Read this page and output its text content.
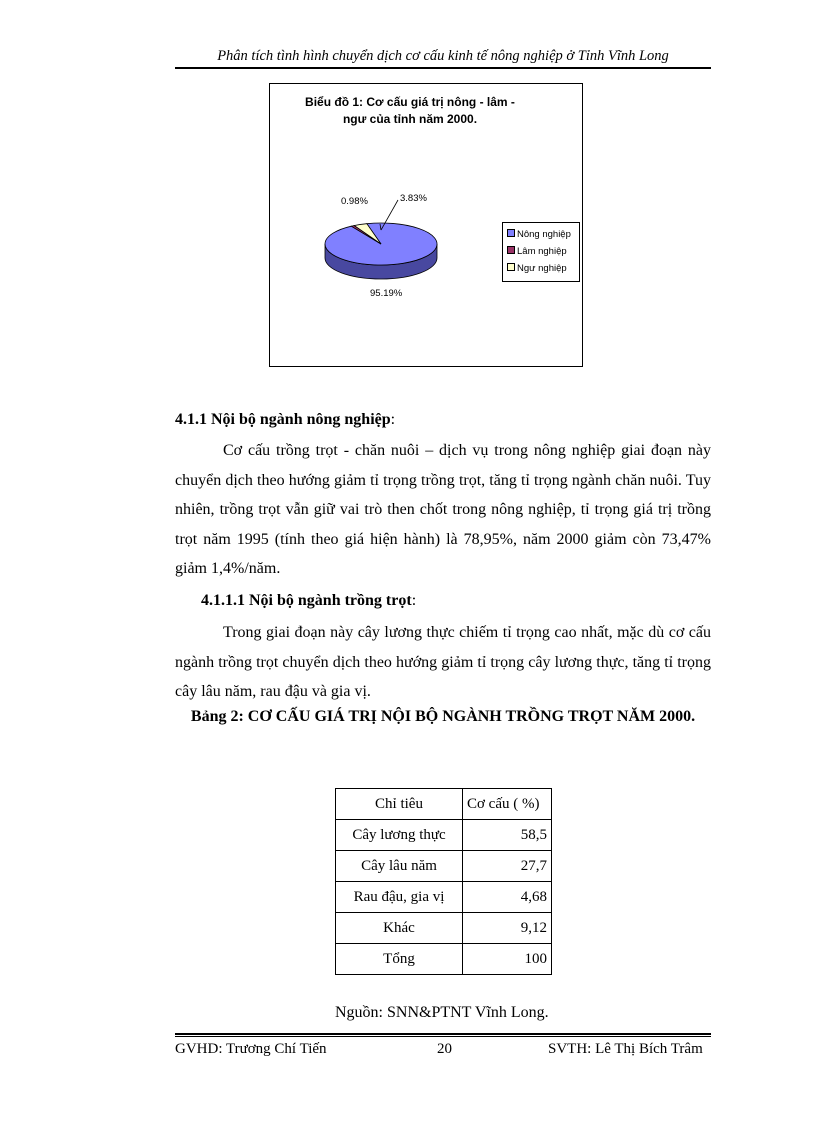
Phân tích tình hình chuyển dịch cơ cấu kinh tế nông nghiệp ở Tỉnh Vĩnh Long
Biểu đồ 1: Cơ cấu giá trị nông - lâm -
ngư của tỉnh năm 2000.
95.19%
0.98%	3.83%
Nông nghiệp
Lâm nghiệp
Ngư nghiệp
4.1.1 Nội bộ ngành nông nghiệp:
Cơ cấu trồng trọt - chăn nuôi – dịch vụ trong nông nghiệp giai đoạn này chuyển dịch theo hướng giảm tỉ trọng trồng trọt, tăng tỉ trọng ngành chăn nuôi. Tuy nhiên, trồng trọt vẫn giữ vai trò then chốt trong nông nghiệp, tỉ trọng giá trị trồng trọt năm 1995 (tính theo giá hiện hành) là 78,95%, năm 2000 giảm còn 73,47% giảm 1,4%/năm.
4.1.1.1 Nội bộ ngành trồng trọt:
Trong giai đoạn này cây lương thực chiếm tỉ trọng cao nhất, mặc dù cơ cấu ngành trồng trọt chuyển dịch theo hướng giảm tỉ trọng cây lương thực, tăng tỉ trọng cây lâu năm, rau đậu và gia vị.
Bảng 2: CƠ CẤU GIÁ TRỊ NỘI BỘ NGÀNH TRỒNG TRỌT NĂM 2000.
Chỉ tiêu	Cơ cấu ( %)
Cây lương thực	58,5
Cây lâu năm	27,7
Rau đậu, gia vị	4,68
Khác	9,12
Tổng	100
Nguồn: SNN&PTNT Vĩnh Long.
GVHD: Trương Chí Tiến	20	SVTH: Lê Thị Bích Trâm
